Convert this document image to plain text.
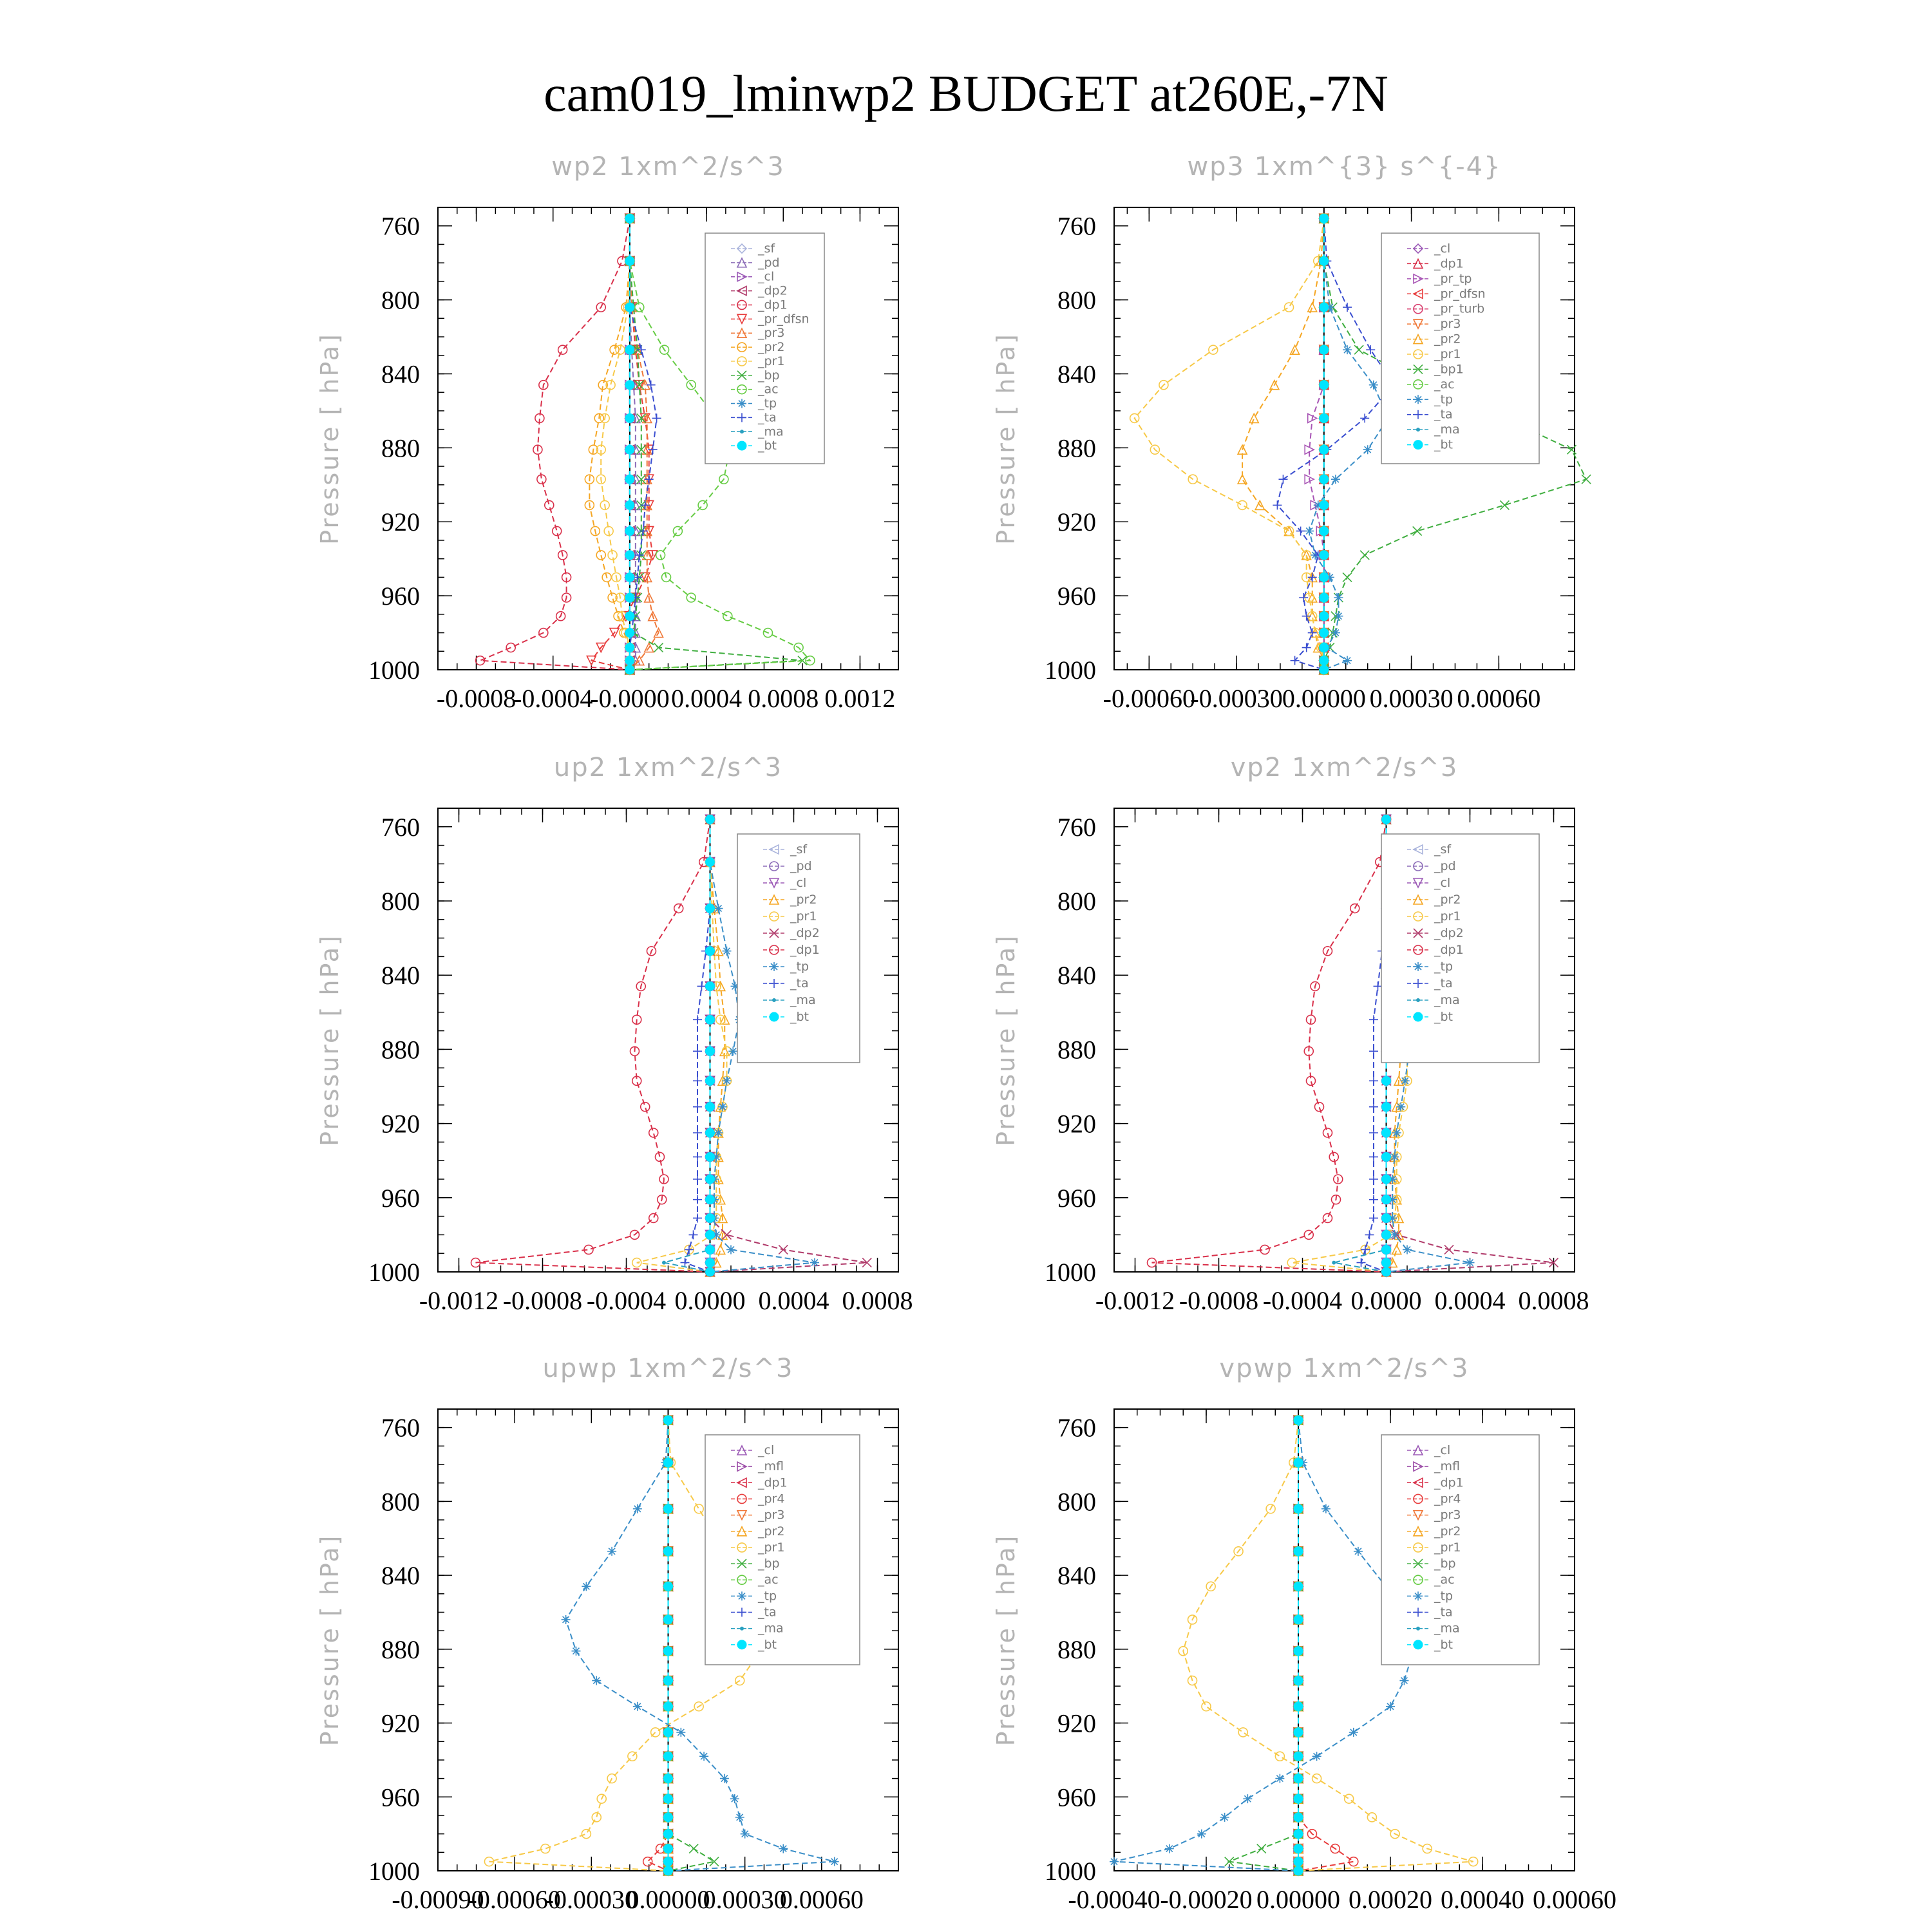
cam019_lminwp2 BUDGET at260E,-7N
wp2 1xm^2/s^3
Pressure [ hPa]
760
800
840
880
920
960
1000
-0.0008
-0.0004
-0.0000 0.0004 0.0008 0.0012
_sf
_pd
_cl
_dp2
_dp1
_pr_dfsn
_pr3
_pr2
_pr1
_bp
_ac
_tp
_ta
_ma
_bt
wp3 1xm^{3} s^{-4}
Pressure [ hPa]
760
800
840
880
920
960
1000
-0.00060
-0.00030 0.00000 0.00030 0.00060
_cl
_dp1
_pr_tp
_pr_dfsn
_pr_turb
_pr3
_pr2
_pr1
_bp1
_ac
_tp
_ta
_ma
_bt
up2 1xm^2/s^3
Pressure [ hPa]
760
800
840
880
920
960
1000
-0.0012 -0.0008 -0.0004 0.0000 0.0004 0.0008
_sf
_pd
_cl
_pr2
_pr1
_dp2
_dp1
_tp
_ta
_ma
_bt
vp2 1xm^2/s^3
Pressure [ hPa]
760
800
840
880
920
960
1000
-0.0012 -0.0008 -0.0004 0.0000 0.0004 0.0008
_sf
_pd
_cl
_pr2
_pr1
_dp2
_dp1
_tp
_ta
_ma
_bt
upwp 1xm^2/s^3
Pressure [ hPa]
760
800
840
880
920
960
1000
-0.00090
-0.00060
-0.00030
0.00000
0.00030
0.00060
_cl
_mfl
_dp1
_pr4
_pr3
_pr2
_pr1
_bp
_ac
_tp
_ta
_ma
_bt
vpwp 1xm^2/s^3
Pressure [ hPa]
760
800
840
880
920
960
1000
-0.00040 -0.00020 0.00000 0.00020 0.00040 0.00060
_cl
_mfl
_dp1
_pr4
_pr3
_pr2
_pr1
_bp
_ac
_tp
_ta
_ma
_bt
